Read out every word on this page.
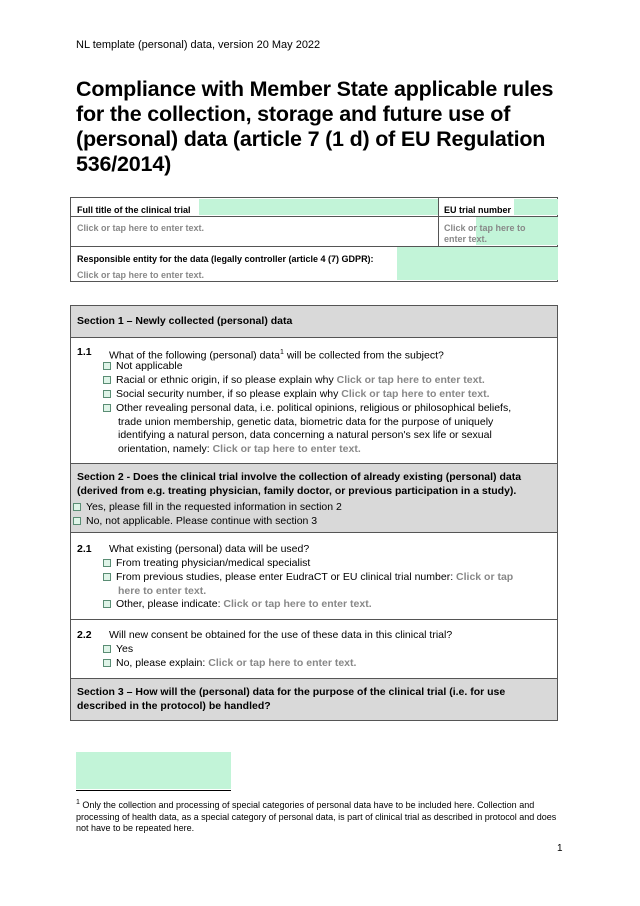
NL template (personal) data, version 20 May 2022
Compliance with Member State applicable rules for the collection, storage and future use of (personal) data (article 7 (1 d) of EU Regulation 536/2014)
Full title of the clinical trial	EU trial number
Click or tap here to enter text.	Click or tap here to
enter text.
Responsible entity for the data (legally controller (article 4 (7) GDPR):
Click or tap here to enter text.
Section 1 – Newly collected (personal) data
1.1 What of the following (personal) data$^1$ will be collected from the subject?
Not applicable
Racial or ethnic origin, if so please explain why Click or tap here to enter text.
Social security number, if so please explain why Click or tap here to enter text.
Other revealing personal data, i.e. political opinions, religious or philosophical beliefs,
trade union membership, genetic data, biometric data for the purpose of uniquely
identifying a natural person, data concerning a natural person's sex life or sexual
orientation, namely: Click or tap here to enter text.
Section 2 - Does the clinical trial involve the collection of already existing (personal) data
(derived from e.g. treating physician, family doctor, or previous participation in a study).
Yes, please fill in the requested information in section 2
No, not applicable. Please continue with section 3
2.1 What existing (personal) data will be used?
From treating physician/medical specialist
From previous studies, please enter EudraCT or EU clinical trial number: Click or tap
here to enter text.
Other, please indicate: Click or tap here to enter text.
2.2 Will new consent be obtained for the use of these data in this clinical trial?
Yes
No, please explain: Click or tap here to enter text.
Section 3 – How will the (personal) data for the purpose of the clinical trial (i.e. for use
described in the protocol) be handled?
$^1$ Only the collection and processing of special categories of personal data have to be included here. Collection and processing of health data, as a special category of personal data, is part of clinical trial as described in protocol and does not have to be repeated here.
1
